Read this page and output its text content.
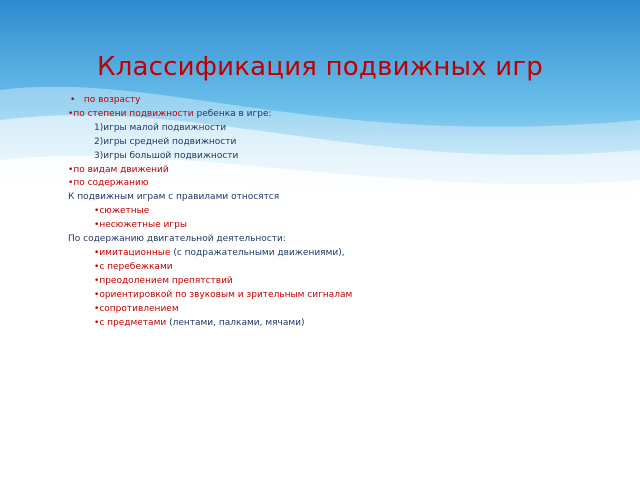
Классификация подвижных игр
• по возрасту
•по степени подвижности ребенка в игре:
1)игры малой подвижности
2)игры средней подвижности
3)игры большой подвижности
•по видам движений
•по содержанию
К подвижным играм с правилами относятся
•сюжетные
•несюжетные игры
По содержанию двигательной деятельности:
•имитационные (с подражательными движениями),
•с перебежками
•преодолением препятствий
•ориентировкой по звуковым и зрительным сигналам
•сопротивлением
•с предметами (лентами, палками, мячами)
